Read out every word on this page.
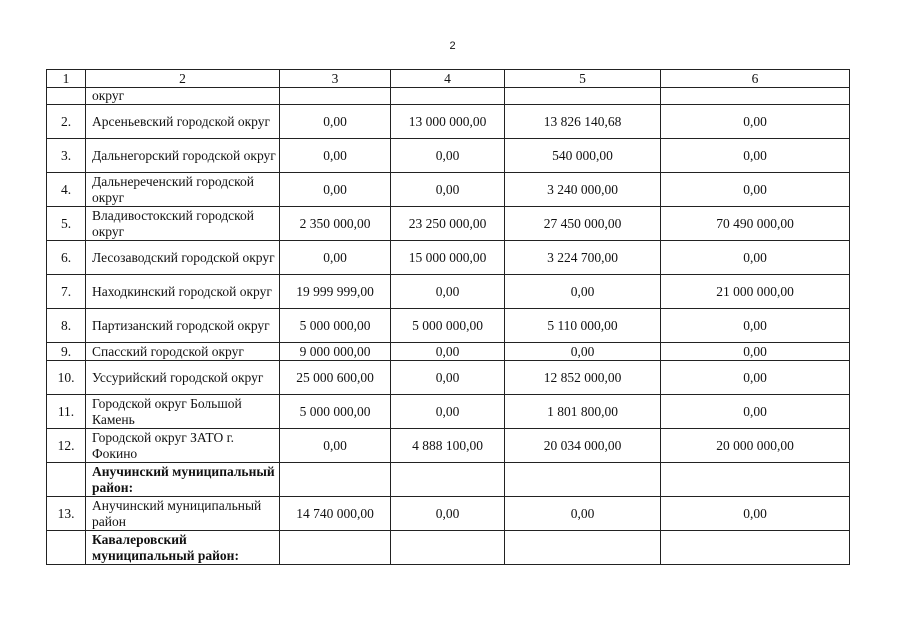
2
1	2	3	4	5	6
	округ				
2.	Арсеньевский городской округ	0,00	13 000 000,00	13 826 140,68	0,00
3.	Дальнегорский городской округ	0,00	0,00	540 000,00	0,00
4.	Дальнереченский городской округ	0,00	0,00	3 240 000,00	0,00
5.	Владивостокский городской округ	2 350 000,00	23 250 000,00	27 450 000,00	70 490 000,00
6.	Лесозаводский городской округ	0,00	15 000 000,00	3 224 700,00	0,00
7.	Находкинский городской округ	19 999 999,00	0,00	0,00	21 000 000,00
8.	Партизанский городской округ	5 000 000,00	5 000 000,00	5 110 000,00	0,00
9.	Спасский городской округ	9 000 000,00	0,00	0,00	0,00
10.	Уссурийский городской округ	25 000 600,00	0,00	12 852 000,00	0,00
11.	Городской округ Большой Камень	5 000 000,00	0,00	1 801 800,00	0,00
12.	Городской округ ЗАТО г. Фокино	0,00	4 888 100,00	20 034 000,00	20 000 000,00
	Анучинский муниципальный район:				
13.	Анучинский муниципальный район	14 740 000,00	0,00	0,00	0,00
	Кавалеровский муниципальный район:				
